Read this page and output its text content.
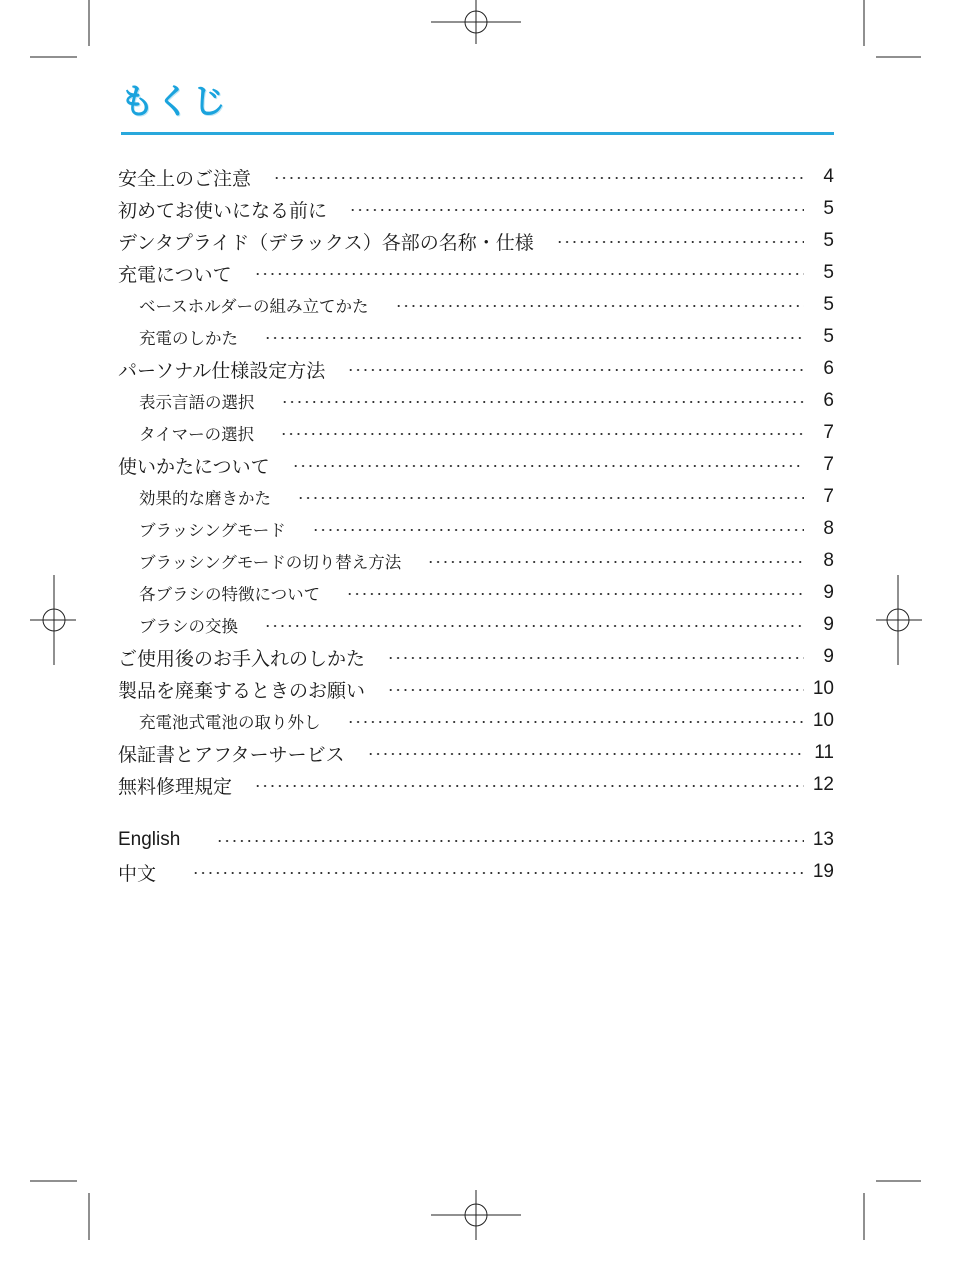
もくじ
安全上のご注意	4
初めてお使いになる前に	5
デンタプライド（デラックス）各部の名称・仕様	5
充電について	5
ベースホルダーの組み立てかた	5
充電のしかた	5
パーソナル仕様設定方法	6
表示言語の選択	6
タイマーの選択	7
使いかたについて	7
効果的な磨きかた	7
ブラッシングモード	8
ブラッシングモードの切り替え方法	8
各ブラシの特徴について	9
ブラシの交換	9
ご使用後のお手入れのしかた	9
製品を廃棄するときのお願い	10
充電池式電池の取り外し	10
保証書とアフターサービス	11
無料修理規定	12
English	13
中文	19
